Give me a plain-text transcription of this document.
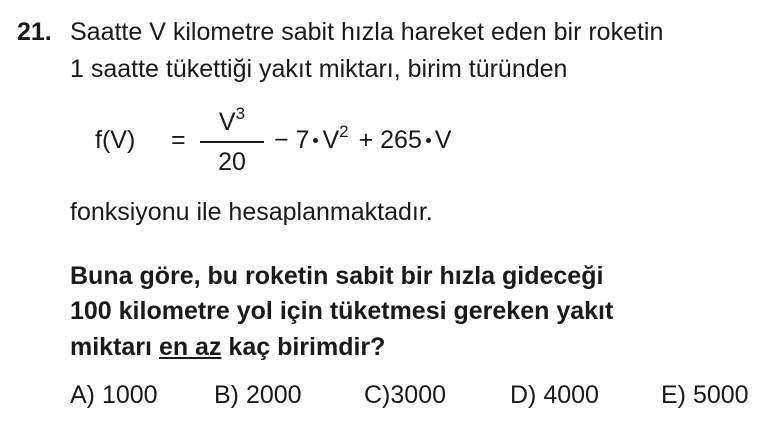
21. Saatte V kilometre sabit hızla hareket eden bir roketin
1 saatte tükettiği yakıt miktarı, birim türünden
f(V) =
$V^3$
20
− 7 $V^2 + 265$ V
fonksiyonu ile hesaplanmaktadır.
Buna göre, bu roketin sabit bir hızla gideceği
100 kilometre yol için tüketmesi gereken yakıt
miktarı en az kaç birimdir?
A) 1000 B) 2000 C)3000	D) 4000 E) 5000
